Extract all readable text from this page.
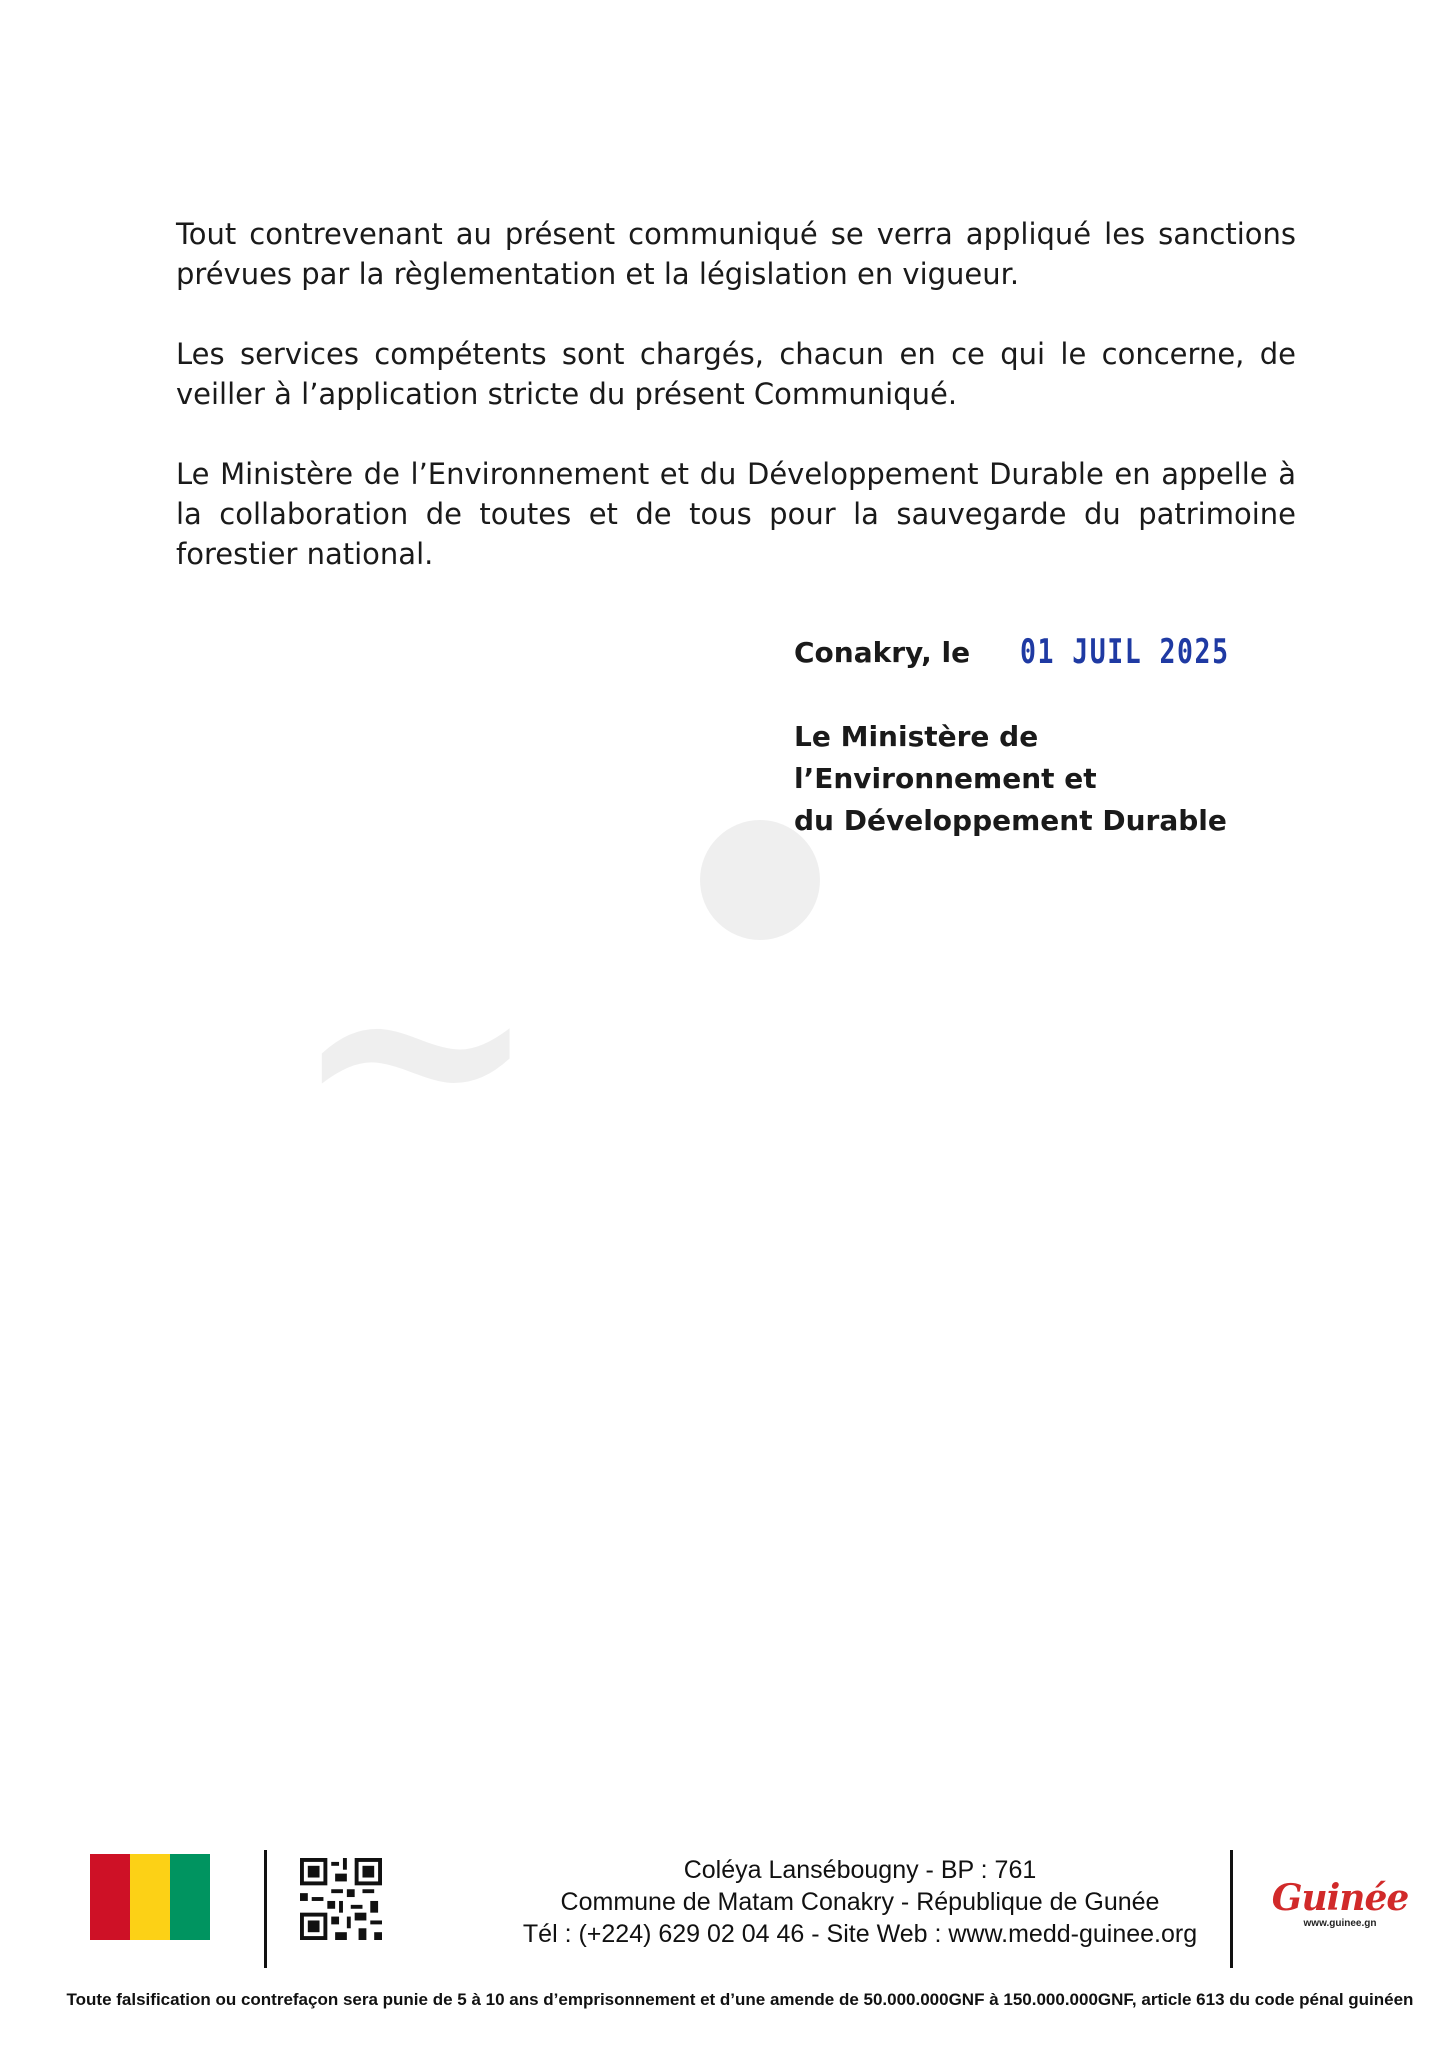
~

Tout contrevenant au présent communiqué se verra appliqué les sanctions prévues par la règlementation et la législation en vigueur.

Les services compétents sont chargés, chacun en ce qui le concerne, de veiller à l’application stricte du présent Communiqué.

Le Ministère de l’Environnement et du Développement Durable en appelle à la collaboration de toutes et de tous pour la sauvegarde du patrimoine forestier national.

Conakry, le 01 JUIL 2025
Le Ministère de l’Environnement et
du Développement Durable
Coléya Lansébougny - BP : 761
Commune de Matam Conakry - République de Gunée
Tél : (+224) 629 02 04 46 - Site Web : www.medd-guinee.org
Guinée
www.guinee.gn
Toute falsification ou contrefaçon sera punie de 5 à 10 ans d’emprisonnement et d’une amende de 50.000.000GNF à 150.000.000GNF, article 613 du code pénal guinéen
